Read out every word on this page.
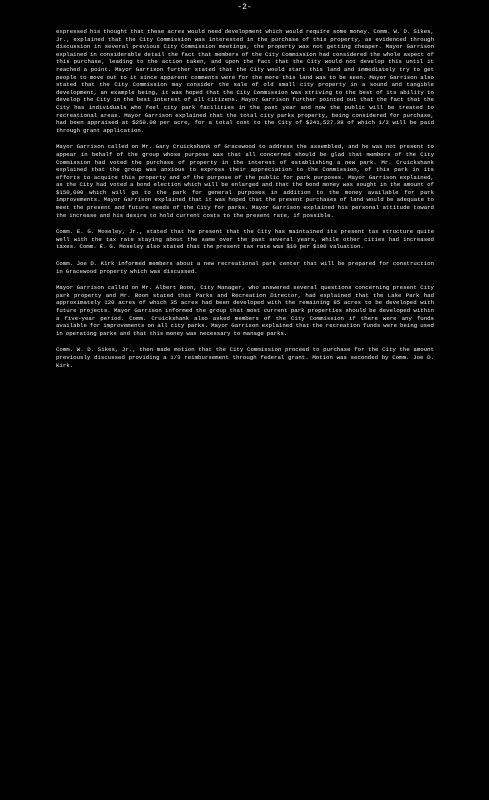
-2-

expressed his thought that these acres would need development which would require some money. Comm. W. D. Sikes, Jr., explained that the City Commission was interested in the purchase of this property, as evidenced through discussion in several previous City Commission meetings, the property was not getting cheaper. Mayor Garrison explained in considerable detail the fact that members of the City Commission had considered the whole aspect of this purchase, leading to the action taken, and upon the fact that the City would not develop this until it reached a point. Mayor Garrison further stated that the City would start this land and immediately try to get people to move out to it since apparent comments were for the more this land was to be seen. Mayor Garrison also stated that the City Commission may consider the sale of old small city property in a sound and tangible development, an example being, it was hoped that the City Commission was striving to the best of its ability to develop the City in the best interest of all citizens. Mayor Garrison further pointed out that the fact that the City has individuals who feel city park facilities in the past year and now the public will be treated to recreational areas. Mayor Garrison explained that the total city parks property, being considered for purchase, had been appraised at $250.00 per acre, for a total cost to the City of $241,527.38 of which 1/3 will be paid through grant application.

Mayor Garrison called on Mr. Gary Cruickshank of Gracewood to address the assembled, and he was not present to appear in behalf of the group whose purpose was that all concerned should be glad that members of the City Commission had voted the purchase of property in the interest of establishing a new park. Mr. Cruickshank explained that the group was anxious to express their appreciation to the Commission, of this park in its efforts to acquire this property and of the purpose of the public for park purposes. Mayor Garrison explained, as the City had voted a bond election which will be enlarged and that the bond money was sought in the amount of $150,000 which will go to the park for general purposes in addition to the money available for park improvements. Mayor Garrison explained that it was hoped that the present purchases of land would be adequate to meet the present and future needs of the City for parks. Mayor Garrison explained his personal attitude toward the increase and his desire to hold current costs to the present rate, if possible.

Comm. E. G. Moseley, Jr., stated that he present that the City has maintained its present tax structure quite well with the tax rate staying about the same over the past several years, while other cities had increased taxes. Comm. E. G. Moseley also stated that the present tax rate was $10 per $100 valuation.

Comm. Joe D. Kirk informed members about a new recreational park center that will be prepared for construction in Gracewood property which was discussed.

Mayor Garrison called on Mr. Albert Boon, City Manager, who answered several questions concerning present City park property and Mr. Boon stated that Parks and Recreation Director, had explained that the Lake Park had approximately 120 acres of which 35 acres had been developed with the remaining 85 acres to be developed with future projects. Mayor Garrison informed the group that most current park properties should be developed within a five-year period. Comm. Cruickshank also asked members of the City Commission if there were any funds available for improvements on all city parks. Mayor Garrison explained that the recreation funds were being used in operating parks and that this money was necessary to manage parks.

Comm. W. D. Sikes, Jr., then made motion that the City Commission proceed to purchase for the City the amount previously discussed providing a 1/3 reimbursement through federal grant. Motion was seconded by Comm. Joe D. Kirk.
